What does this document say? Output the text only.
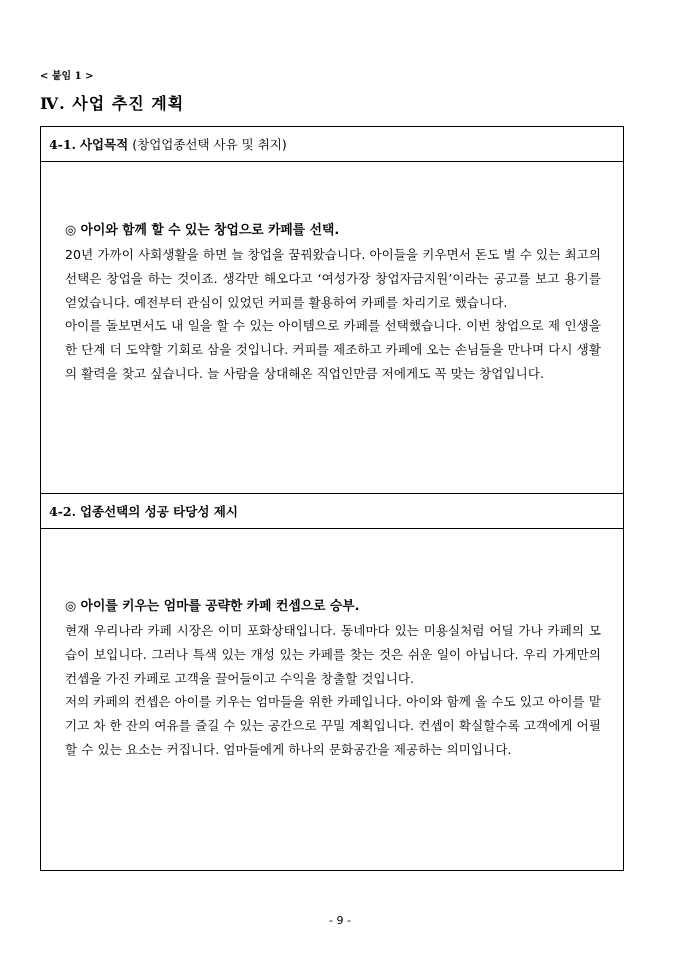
< 붙임 1 >
Ⅳ. 사업 추진 계획
4-1. 사업목적 (창업업종선택 사유 및 취지)
◎ 아이와 함께 할 수 있는 창업으로 카페를 선택.

20년 가까이 사회생활을 하면 늘 창업을 꿈꿔왔습니다. 아이들을 키우면서 돈도 벌 수 있는 최고의 선택은 창업을 하는 것이죠. 생각만 해오다고 ‘여성가장 창업자금지원’이라는 공고를 보고 용기를 얻었습니다. 예전부터 관심이 있었던 커피를 활용하여 카페를 차리기로 했습니다.

아이를 돌보면서도 내 일을 할 수 있는 아이템으로 카페를 선택했습니다. 이번 창업으로 제 인생을 한 단계 더 도약할 기회로 삼을 것입니다. 커피를 제조하고 카페에 오는 손님들을 만나며 다시 생활의 활력을 찾고 싶습니다. 늘 사람을 상대해온 직업인만큼 저에게도 꼭 맞는 창업입니다.

4-2. 업종선택의 성공 타당성 제시
◎ 아이를 키우는 엄마를 공략한 카페 컨셉으로 승부.

현재 우리나라 카페 시장은 이미 포화상태입니다. 동네마다 있는 미용실처럼 어딜 가나 카페의 모습이 보입니다. 그러나 특색 있는 개성 있는 카페를 찾는 것은 쉬운 일이 아닙니다. 우리 가게만의 컨셉을 가진 카페로 고객을 끌어들이고 수익을 창출할 것입니다.

저의 카페의 컨셉은 아이를 키우는 엄마들을 위한 카페입니다. 아이와 함께 올 수도 있고 아이를 맡기고 차 한 잔의 여유를 즐길 수 있는 공간으로 꾸밀 계획입니다. 컨셉이 확실할수록 고객에게 어필할 수 있는 요소는 커집니다. 엄마들에게 하나의 문화공간을 제공하는 의미입니다.

- 9 -
